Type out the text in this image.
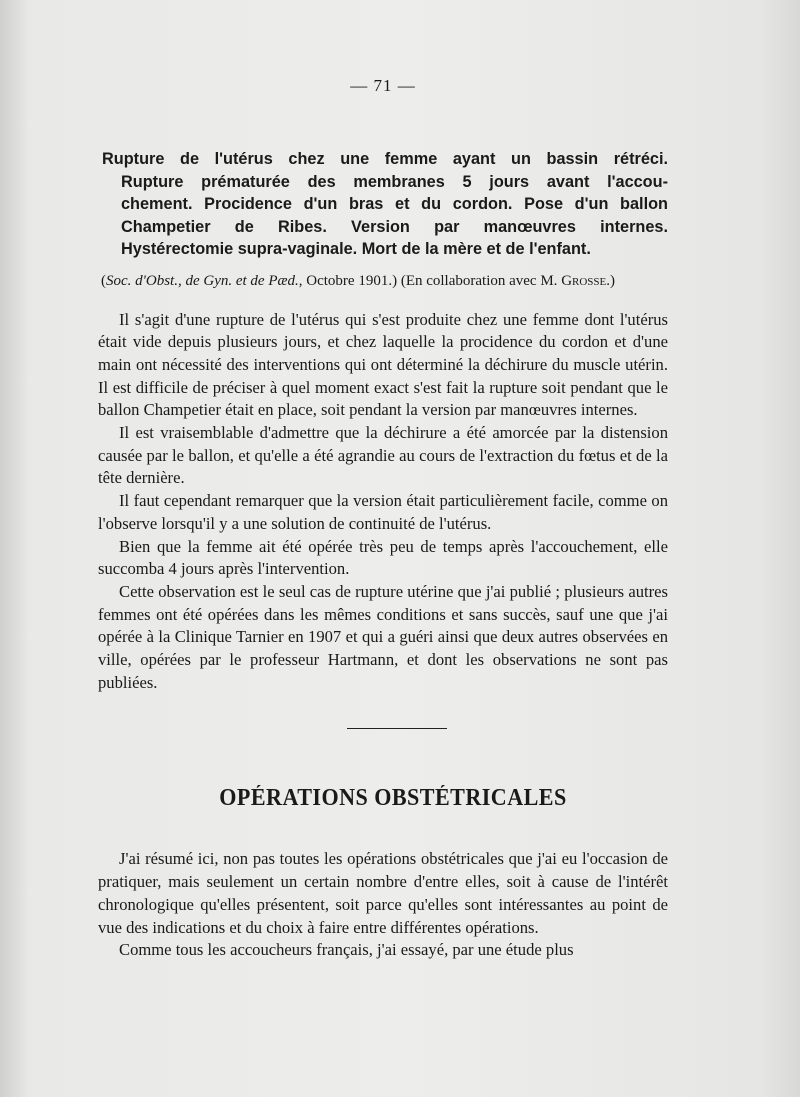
— 71 —
Rupture de l'utérus chez une femme ayant un bassin rétréci.
Rupture prématurée des membranes 5 jours avant l'accou-
chement. Procidence d'un bras et du cordon. Pose d'un ballon
Champetier de Ribes. Version par manœuvres internes.
Hystérectomie supra-vaginale. Mort de la mère et de l'enfant.
(Soc. d'Obst., de Gyn. et de Pæd., Octobre 1901.) (En collaboration avec M. Grosse.)

Il s'agit d'une rupture de l'utérus qui s'est produite chez une femme dont l'utérus était vide depuis plusieurs jours, et chez laquelle la procidence du cordon et d'une main ont nécessité des interventions qui ont déterminé la déchirure du muscle utérin. Il est difficile de préciser à quel moment exact s'est fait la rupture soit pendant que le ballon Champetier était en place, soit pendant la version par manœuvres internes.

Il est vraisemblable d'admettre que la déchirure a été amorcée par la distension causée par le ballon, et qu'elle a été agrandie au cours de l'extraction du fœtus et de la tête dernière.

Il faut cependant remarquer que la version était particulièrement facile, comme on l'observe lorsqu'il y a une solution de continuité de l'utérus.

Bien que la femme ait été opérée très peu de temps après l'accouchement, elle succomba 4 jours après l'intervention.

Cette observation est le seul cas de rupture utérine que j'ai publié ; plusieurs autres femmes ont été opérées dans les mêmes conditions et sans succès, sauf une que j'ai opérée à la Clinique Tarnier en 1907 et qui a guéri ainsi que deux autres observées en ville, opérées par le professeur Hartmann, et dont les observations ne sont pas publiées.

OPÉRATIONS OBSTÉTRICALES

J'ai résumé ici, non pas toutes les opérations obstétricales que j'ai eu l'occasion de pratiquer, mais seulement un certain nombre d'entre elles, soit à cause de l'intérêt chronologique qu'elles présentent, soit parce qu'elles sont intéressantes au point de vue des indications et du choix à faire entre différentes opérations.

Comme tous les accoucheurs français, j'ai essayé, par une étude plus
